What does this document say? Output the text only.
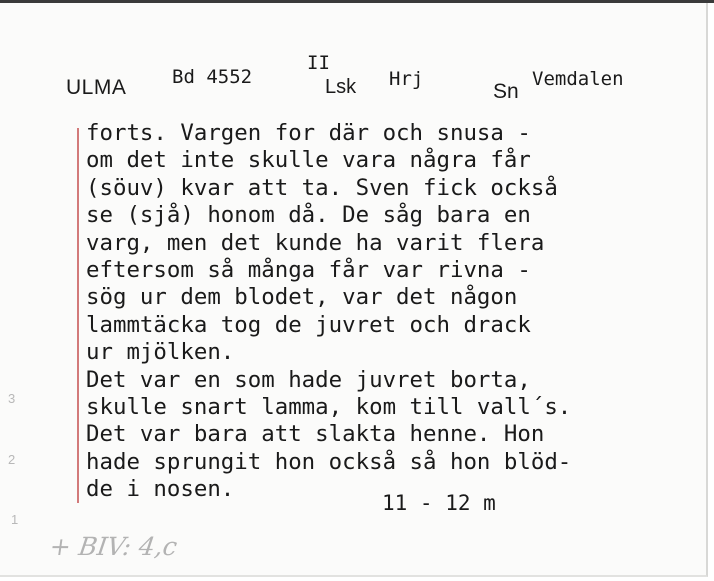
ULMA Bd 4552
II
Lsk Hrj
Sn
Vemdalen
forts. Vargen for där och snusa -
om det inte skulle vara några får
(söuv) kvar att ta. Sven fick också
se (sjå) honom då. De såg bara en
varg, men det kunde ha varit flera
eftersom så många får var rivna -
sög ur dem blodet, var det någon
lammtäcka tog de juvret och drack
ur mjölken.
Det var en som hade juvret borta,
skulle snart lamma, kom till vall´s.
Det var bara att slakta henne. Hon
hade sprungit hon också så hon blöd-
de i nosen.
11 - 12 m
3
2
1
+ BIV: 4,c
